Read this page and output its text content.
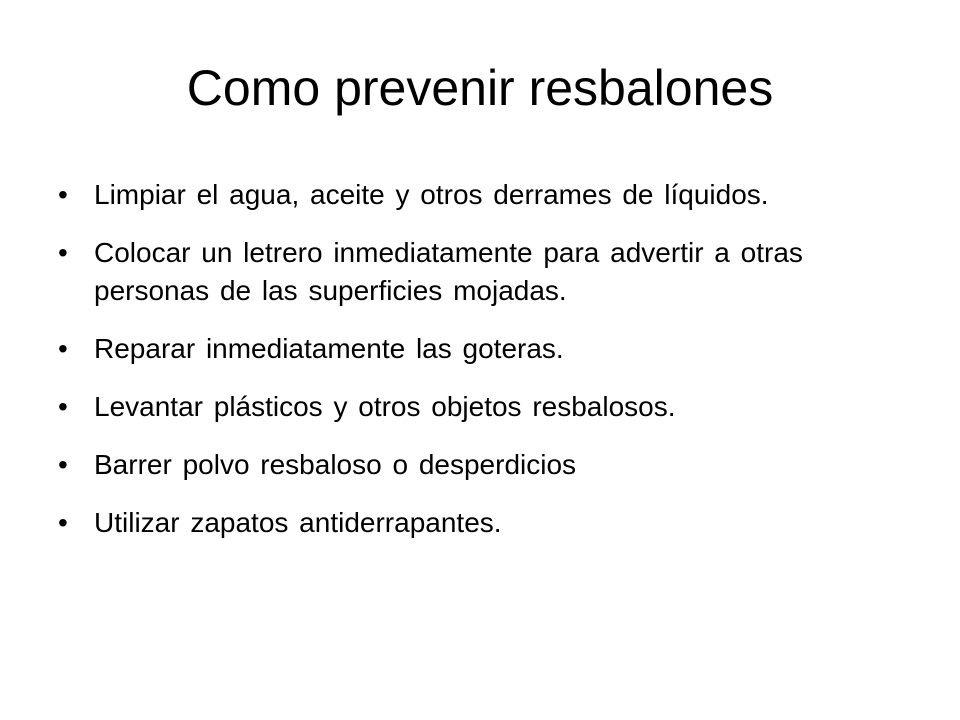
Como prevenir resbalones
• Limpiar el agua, aceite y otros derrames de líquidos.
• Colocar un letrero inmediatamente para advertir a otras personas de las superficies mojadas.
• Reparar inmediatamente las goteras.
• Levantar plásticos y otros objetos resbalosos.
• Barrer polvo resbaloso o desperdicios
• Utilizar zapatos antiderrapantes.
